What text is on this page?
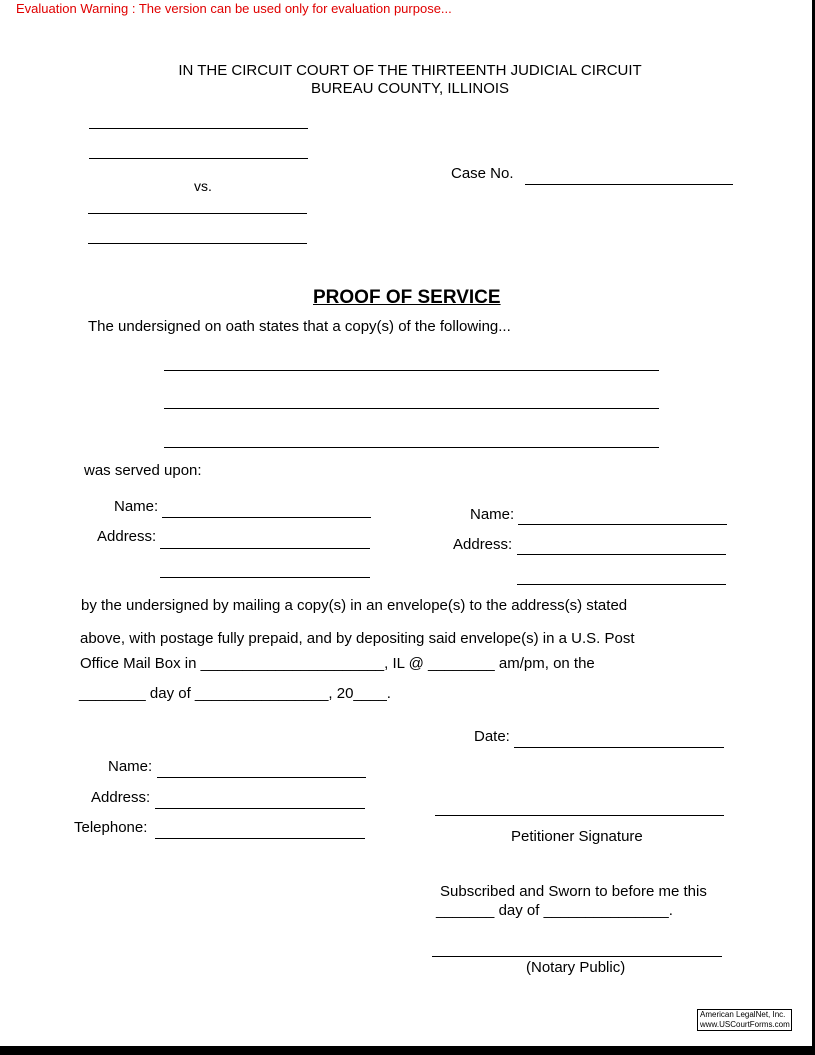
Evaluation Warning : The version can be used only for evaluation purpose...
IN THE CIRCUIT COURT OF THE THIRTEENTH JUDICIAL CIRCUIT
BUREAU COUNTY, ILLINOIS
vs.
Case No.
PROOF OF SERVICE
The undersigned on oath states that a copy(s) of the following...
was served upon:
Name:
Address:
Name:
Address:
by the undersigned by mailing a copy(s) in an envelope(s) to the address(s) stated
above, with postage fully prepaid, and by depositing said envelope(s) in a U.S. Post
Office Mail Box in ______________________, IL @ ________ am/pm, on the
________ day of ________________, 20____.
Date:
Name:
Address:
Telephone:
Petitioner Signature
Subscribed and Sworn to before me this
_______ day of _______________.
(Notary Public)
American LegalNet, Inc.
www.USCourtForms.com
